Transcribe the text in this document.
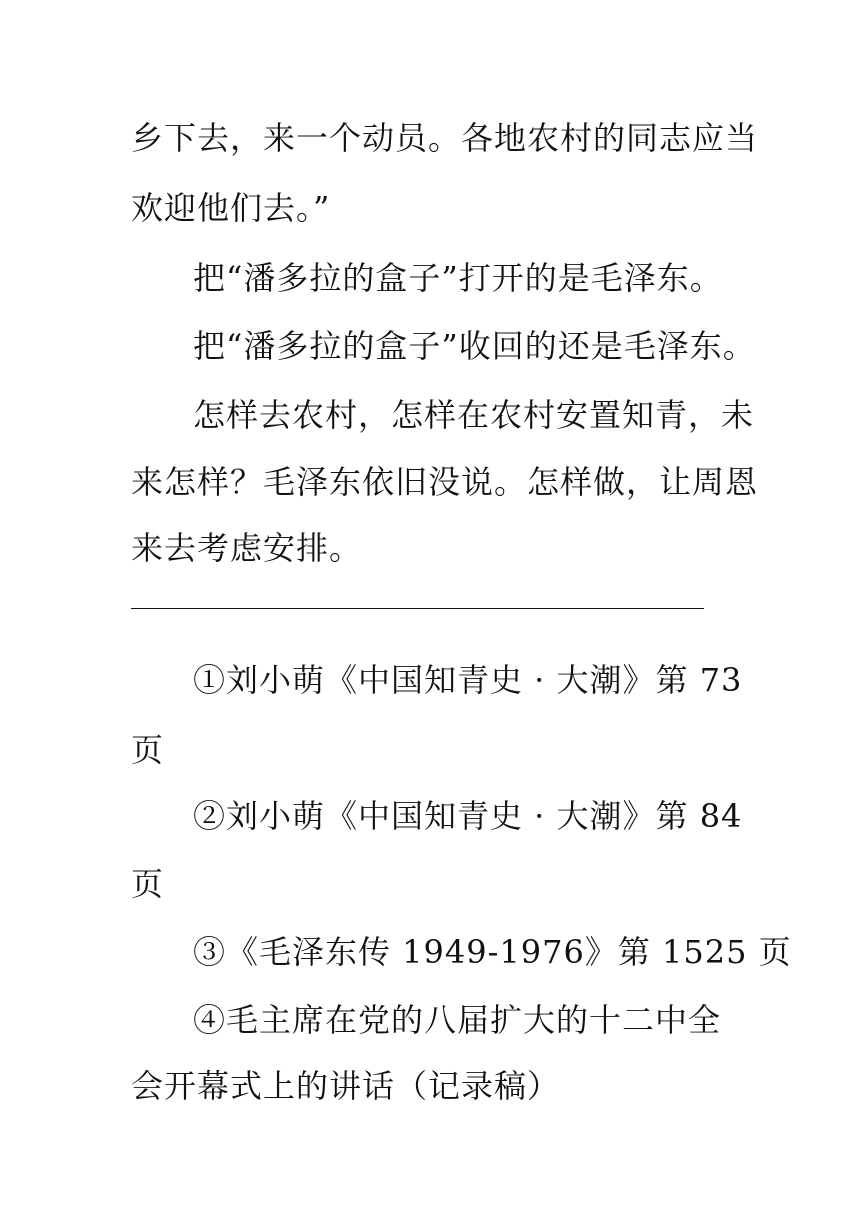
乡下去，来一个动员。各地农村的同志应当
欢迎他们去。”
把“潘多拉的盒子”打开的是毛泽东。
把“潘多拉的盒子”收回的还是毛泽东。
怎样去农村，怎样在农村安置知青，未
来怎样？毛泽东依旧没说。怎样做，让周恩
来去考虑安排。
①刘小萌《中国知青史 · 大潮》第 73
页
②刘小萌《中国知青史 · 大潮》第 84
页
③《毛泽东传 1949-1976》第 1525 页
④毛主席在党的八届扩大的十二中全
会开幕式上的讲话（记录稿）
